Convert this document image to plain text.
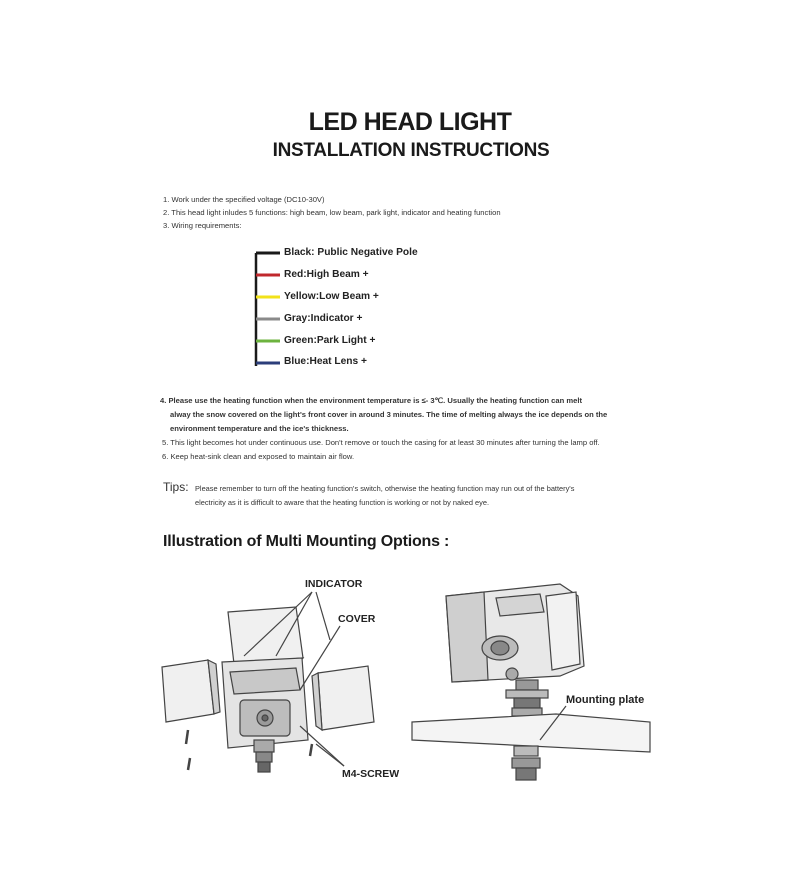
LED HEAD LIGHT
INSTALLATION INSTRUCTIONS
1. Work under the specified voltage (DC10-30V)
2. This head light inludes 5 functions: high beam, low beam, park light, indicator and heating function
3. Wiring requirements:
Black: Public Negative Pole
Red:High Beam +
Yellow:Low Beam +
Gray:Indicator +
Green:Park Light +
Blue:Heat Lens +
4. Please use the heating function when the environment temperature is ≤- 3℃. Usually the heating function can melt
alway the snow covered on the light's front cover in around 3 minutes. The time of melting always the ice depends on the
environment temperature and the ice's thickness.
5. This light becomes hot under continuous use. Don't remove or touch the casing for at least 30 minutes after turning the lamp off.
6. Keep heat-sink clean and exposed to maintain air flow.
Tips: Please remember to turn off the heating function's switch, otherwise the heating function may run out of the battery's
electricity as it is difficult to aware that the heating function is working or not by naked eye.
Illustration of Multi Mounting Options :
INDICATOR
COVER
M4-SCREW
Mounting plate
